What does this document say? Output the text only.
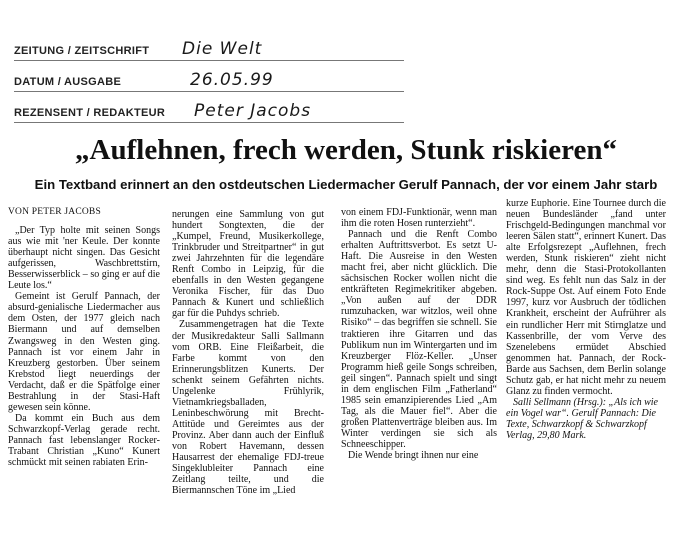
ZEITUNG / ZEITSCHRIFT Die Welt
DATUM / AUSGABE	26.05.99
REZENSENT / REDAKTEUR Peter Jacobs
„Auflehnen, frech werden, Stunk riskieren“
Ein Textband erinnert an den ostdeutschen Liedermacher Gerulf Pannach, der vor einem Jahr starb

VON PETER JACOBS

„Der Typ holte mit seinen Songs aus wie mit 'ner Keule. Der konnte überhaupt nicht singen. Das Gesicht aufgerissen, Waschbrettstirn, Besserwisserblick – so ging er auf die Leute los.“

Gemeint ist Gerulf Pannach, der absurd-genialische Liedermacher aus dem Osten, der 1977 gleich nach Biermann und auf demselben Zwangsweg in den Westen ging. Pannach ist vor einem Jahr in Kreuzberg gestorben. Über seinem Krebstod liegt neuerdings der Verdacht, daß er die Spätfolge einer Bestrahlung in der Stasi-Haft gewesen sein könne.

Da kommt ein Buch aus dem Schwarzkopf-Verlag gerade recht. Pannach fast lebenslanger Rocker-Trabant Christian „Kuno“ Kunert schmückt mit seinen rabiaten Erin-

nerungen eine Sammlung von gut hundert Songtexten, die der „Kumpel, Freund, Musikerkollege, Trinkbruder und Streitpartner“ in gut zwei Jahrzehnten für die legendäre Renft Combo in Leipzig, für die ebenfalls in den Westen gegangene Veronika Fischer, für das Duo Pannach & Kunert und schließlich gar für die Puhdys schrieb.

Zusammengetragen hat die Texte der Musikredakteur Salli Sallmann vom ORB. Eine Fleißarbeit, die Farbe kommt von den Erinnerungsblitzen Kunerts. Der schenkt seinem Gefährten nichts. Ungelenke Frühlyrik, Vietnamkriegsballaden, Leninbeschwörung mit Brecht-Attitüde und Gereimtes aus der Provinz. Aber dann auch der Einfluß von Robert Havemann, dessen Hausarrest der ehemalige FDJ-treue Singeklubleiter Pannach eine Zeitlang teilte, und die Biermannschen Töne im „Lied

von einem FDJ-Funktionär, wenn man ihm die roten Hosen runterzieht“.

Pannach und die Renft Combo erhalten Auftrittsverbot. Es setzt U-Haft. Die Ausreise in den Westen macht frei, aber nicht glücklich. Die sächsischen Rocker wollen nicht die entkräfteten Regimekritiker abgeben. „Von außen auf der DDR rumzuhacken, war witzlos, weil ohne Risiko“ – das begriffen sie schnell. Sie traktieren ihre Gitarren und das Publikum nun im Wintergarten und im Kreuzberger Flöz-Keller. „Unser Programm hieß geile Songs schreiben, geil singen“. Pannach spielt und singt in dem englischen Film „Fatherland“ 1985 sein emanzipierendes Lied „Am Tag, als die Mauer fiel“. Aber die großen Plattenverträge bleiben aus. Im Winter verdingen sie sich als Schneeschipper.

Die Wende bringt ihnen nur eine

kurze Euphorie. Eine Tournee durch die neuen Bundesländer „fand unter Frischgeld-Bedingungen manchmal vor leeren Sälen statt“, erinnert Kunert. Das alte Erfolgsrezept „Auflehnen, frech werden, Stunk riskieren“ zieht nicht mehr, denn die Stasi-Protokollanten sind weg. Es fehlt nun das Salz in der Rock-Suppe Ost. Auf einem Foto Ende 1997, kurz vor Ausbruch der tödlichen Krankheit, erscheint der Aufrührer als ein rundlicher Herr mit Stirnglatze und Kassenbrille, der vom Verve des Szenelebens ermüdet Abschied genommen hat. Pannach, der Rock-Barde aus Sachsen, dem Berlin solange Schutz gab, er hat nicht mehr zu neuem Glanz zu finden vermocht.

Salli Sellmann (Hrsg.): „Als ich wie ein Vogel war“. Gerulf Pannach: Die Texte, Schwarzkopf & Schwarzkopf Verlag, 29,80 Mark.
